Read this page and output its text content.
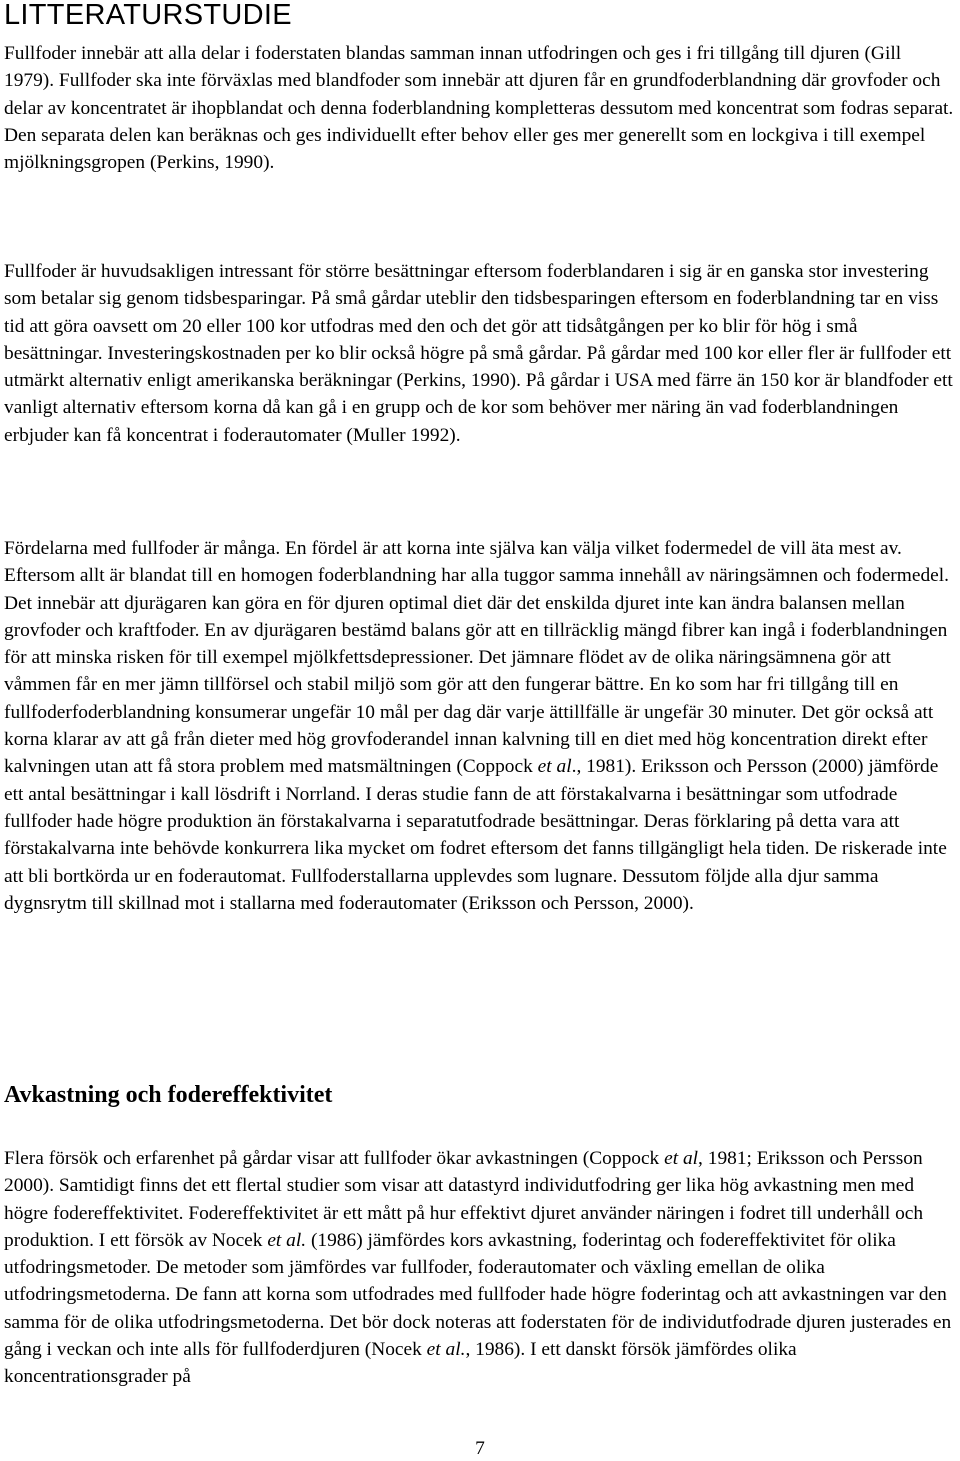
LITTERATURSTUDIE

Fullfoder innebär att alla delar i foderstaten blandas samman innan utfodringen och ges i fri tillgång till djuren (Gill 1979). Fullfoder ska inte förväxlas med blandfoder som innebär att djuren får en grundfoderblandning där grovfoder och delar av koncentratet är ihopblandat och denna foderblandning kompletteras dessutom med koncentrat som fodras separat. Den separata delen kan beräknas och ges individuellt efter behov eller ges mer generellt som en lockgiva i till exempel mjölkningsgropen (Perkins, 1990).

Fullfoder är huvudsakligen intressant för större besättningar eftersom foderblandaren i sig är en ganska stor investering som betalar sig genom tidsbesparingar. På små gårdar uteblir den tidsbesparingen eftersom en foderblandning tar en viss tid att göra oavsett om 20 eller 100 kor utfodras med den och det gör att tidsåtgången per ko blir för hög i små besättningar. Investeringskostnaden per ko blir också högre på små gårdar. På gårdar med 100 kor eller fler är fullfoder ett utmärkt alternativ enligt amerikanska beräkningar (Perkins, 1990). På gårdar i USA med färre än 150 kor är blandfoder ett vanligt alternativ eftersom korna då kan gå i en grupp och de kor som behöver mer näring än vad foderblandningen erbjuder kan få koncentrat i foderautomater (Muller 1992).

Fördelarna med fullfoder är många. En fördel är att korna inte själva kan välja vilket fodermedel de vill äta mest av. Eftersom allt är blandat till en homogen foderblandning har alla tuggor samma innehåll av näringsämnen och fodermedel. Det innebär att djurägaren kan göra en för djuren optimal diet där det enskilda djuret inte kan ändra balansen mellan grovfoder och kraftfoder. En av djurägaren bestämd balans gör att en tillräcklig mängd fibrer kan ingå i foderblandningen för att minska risken för till exempel mjölkfettsdepressioner. Det jämnare flödet av de olika näringsämnena gör att våmmen får en mer jämn tillförsel och stabil miljö som gör att den fungerar bättre. En ko som har fri tillgång till en fullfoderfoderblandning konsumerar ungefär 10 mål per dag där varje ättillfälle är ungefär 30 minuter. Det gör också att korna klarar av att gå från dieter med hög grovfoderandel innan kalvning till en diet med hög koncentration direkt efter kalvningen utan att få stora problem med matsmältningen (Coppock et al., 1981). Eriksson och Persson (2000) jämförde ett antal besättningar i kall lösdrift i Norrland. I deras studie fann de att förstakalvarna i besättningar som utfodrade fullfoder hade högre produktion än förstakalvarna i separatutfodrade besättningar. Deras förklaring på detta vara att förstakalvarna inte behövde konkurrera lika mycket om fodret eftersom det fanns tillgängligt hela tiden. De riskerade inte att bli bortkörda ur en foderautomat. Fullfoderstallarna upplevdes som lugnare. Dessutom följde alla djur samma dygnsrytm till skillnad mot i stallarna med foderautomater (Eriksson och Persson, 2000).

Avkastning och fodereffektivitet

Flera försök och erfarenhet på gårdar visar att fullfoder ökar avkastningen (Coppock et al, 1981; Eriksson och Persson 2000). Samtidigt finns det ett flertal studier som visar att datastyrd individutfodring ger lika hög avkastning men med högre fodereffektivitet. Fodereffektivitet är ett mått på hur effektivt djuret använder näringen i fodret till underhåll och produktion. I ett försök av Nocek et al. (1986) jämfördes kors avkastning, foderintag och fodereffektivitet för olika utfodringsmetoder. De metoder som jämfördes var fullfoder, foderautomater och växling emellan de olika utfodringsmetoderna. De fann att korna som utfodrades med fullfoder hade högre foderintag och att avkastningen var den samma för de olika utfodringsmetoderna. Det bör dock noteras att foderstaten för de individutfodrade djuren justerades en gång i veckan och inte alls för fullfoderdjuren (Nocek et al., 1986). I ett danskt försök jämfördes olika koncentrationsgrader på

7
